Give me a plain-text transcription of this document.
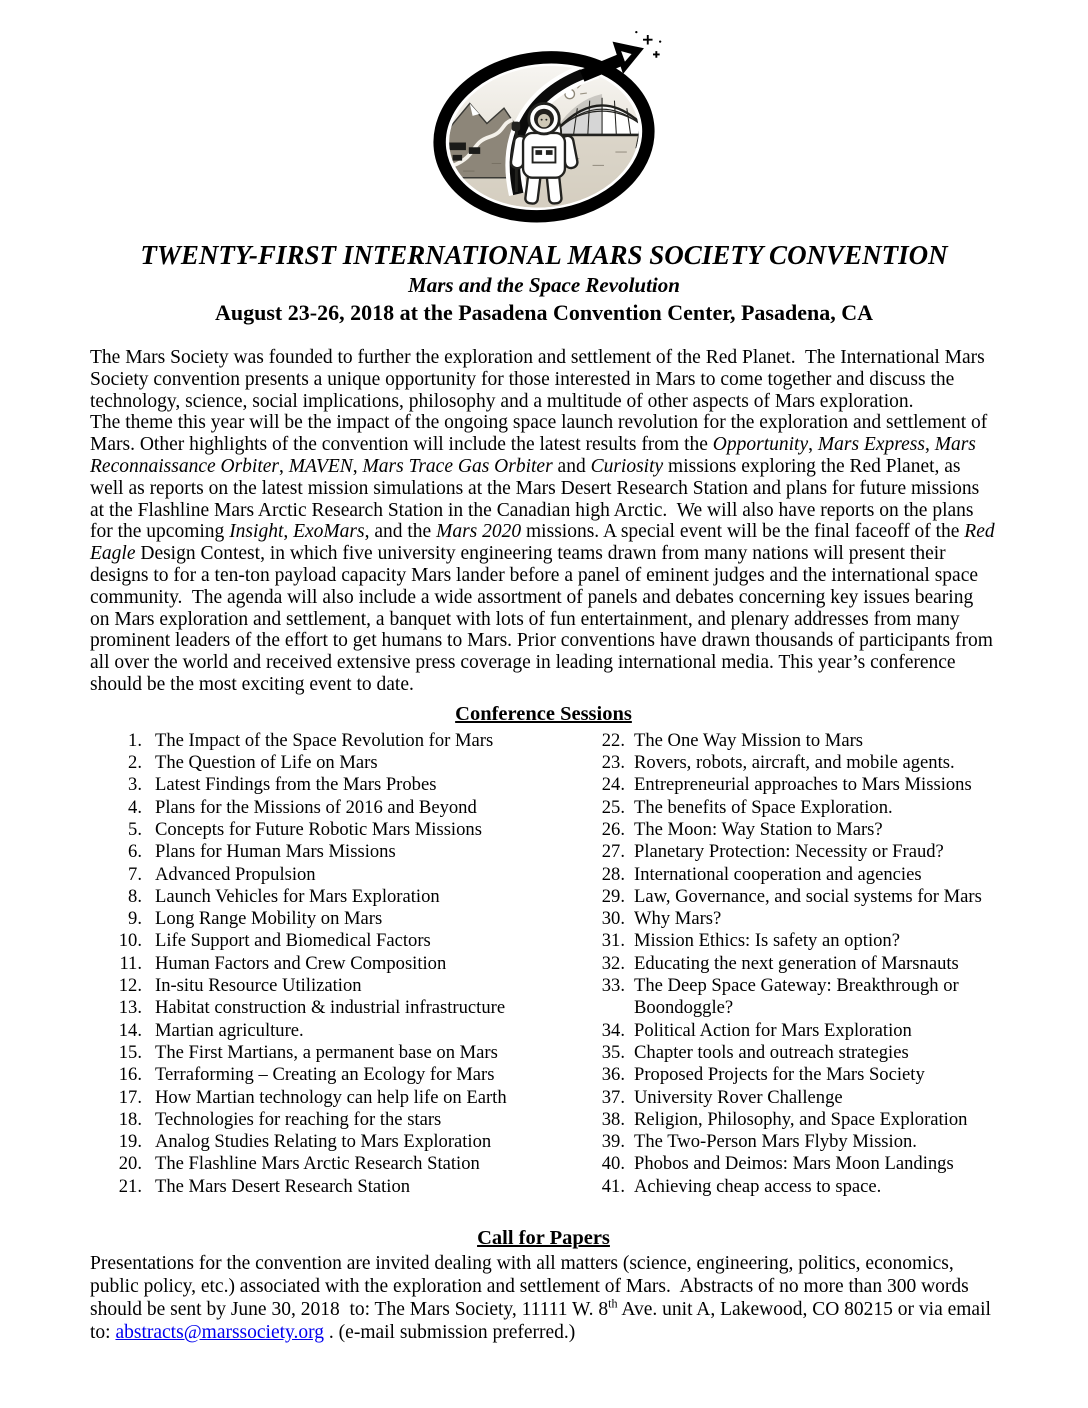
TWENTY-FIRST INTERNATIONAL MARS SOCIETY CONVENTION
Mars and the Space Revolution
August 23-26, 2018 at the Pasadena Convention Center, Pasadena, CA

The Mars Society was founded to further the exploration and settlement of the Red Planet.  The International Mars Society convention presents a unique opportunity for those interested in Mars to come together and discuss the technology, science, social implications, philosophy and a multitude of other aspects of Mars exploration.

The theme this year will be the impact of the ongoing space launch revolution for the exploration and settlement of Mars. Other highlights of the convention will include the latest results from the Opportunity, Mars Express, Mars Reconnaissance Orbiter, MAVEN, Mars Trace Gas Orbiter and Curiosity missions exploring the Red Planet, as well as reports on the latest mission simulations at the Mars Desert Research Station and plans for future missions at the Flashline Mars Arctic Research Station in the Canadian high Arctic.  We will also have reports on the plans for the upcoming Insight, ExoMars, and the Mars 2020 missions. A special event will be the final faceoff of the Red Eagle Design Contest, in which five university engineering teams drawn from many nations will present their designs to for a ten-ton payload capacity Mars lander before a panel of eminent judges and the international space community.  The agenda will also include a wide assortment of panels and debates concerning key issues bearing on Mars exploration and settlement, a banquet with lots of fun entertainment, and plenary addresses from many prominent leaders of the effort to get humans to Mars. Prior conventions have drawn thousands of participants from all over the world and received extensive press coverage in leading international media. This year’s conference should be the most exciting event to date.

Conference Sessions
1. The Impact of the Space Revolution for Mars
2. The Question of Life on Mars
3. Latest Findings from the Mars Probes
4. Plans for the Missions of 2016 and Beyond
5. Concepts for Future Robotic Mars Missions
6. Plans for Human Mars Missions
7. Advanced Propulsion
8. Launch Vehicles for Mars Exploration
9. Long Range Mobility on Mars
10. Life Support and Biomedical Factors
11. Human Factors and Crew Composition
12. In-situ Resource Utilization
13. Habitat construction & industrial infrastructure
14. Martian agriculture.
15. The First Martians, a permanent base on Mars
16. Terraforming – Creating an Ecology for Mars
17. How Martian technology can help life on Earth
18. Technologies for reaching for the stars
19. Analog Studies Relating to Mars Exploration
20. The Flashline Mars Arctic Research Station
21. The Mars Desert Research Station
22. The One Way Mission to Mars
23. Rovers, robots, aircraft, and mobile agents.
24. Entrepreneurial approaches to Mars Missions
25. The benefits of Space Exploration.
26. The Moon: Way Station to Mars?
27. Planetary Protection: Necessity or Fraud?
28. International cooperation and agencies
29. Law, Governance, and social systems for Mars
30. Why Mars?
31. Mission Ethics: Is safety an option?
32. Educating the next generation of Marsnauts
33. The Deep Space Gateway: Breakthrough or Boondoggle?
34. Political Action for Mars Exploration
35. Chapter tools and outreach strategies
36. Proposed Projects for the Mars Society
37. University Rover Challenge
38. Religion, Philosophy, and Space Exploration
39. The Two-Person Mars Flyby Mission.
40. Phobos and Deimos: Mars Moon Landings
41. Achieving cheap access to space.
Call for Papers

Presentations for the convention are invited dealing with all matters (science, engineering, politics, economics, public policy, etc.) associated with the exploration and settlement of Mars.  Abstracts of no more than 300 words should be sent by June 30, 2018  to: The Mars Society, 11111 W. 8th Ave. unit A, Lakewood, CO 80215 or via email to: abstracts@marssociety.org . (e-mail submission preferred.)
